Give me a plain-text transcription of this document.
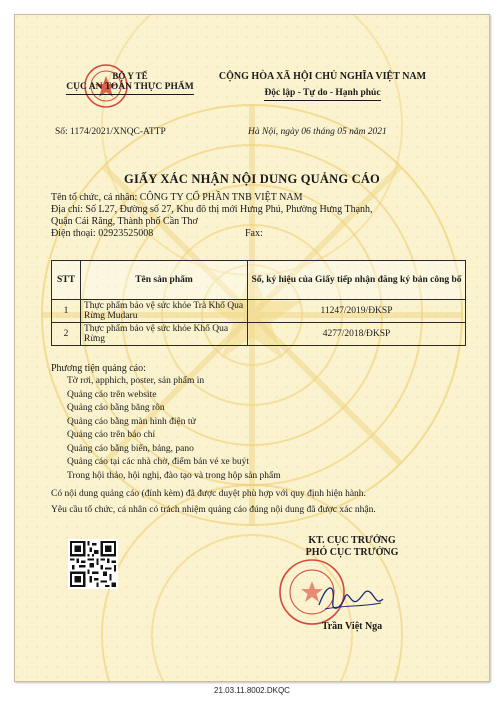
BỘ Y TẾ
CỤC AN TOÀN THỰC PHẨM
CỘNG HÒA XÃ HỘI CHỦ NGHĨA VIỆT NAM
Độc lập - Tự do - Hạnh phúc
Số: 1174/2021/XNQC-ATTP	Hà Nội, ngày 06 tháng 05 năm 2021
GIẤY XÁC NHẬN NỘI DUNG QUẢNG CÁO
Tên tổ chức, cá nhân: CÔNG TY CỔ PHẦN TNB VIỆT NAM
Địa chỉ: Số L27, Đường số 27, Khu đô thị mới Hưng Phú, Phường Hưng Thạnh,
Quận Cái Răng, Thành phố Cần Thơ
Điện thoại: 02923525008	Fax:
STT	Tên sản phẩm	Số, ký hiệu của Giấy tiếp nhận đăng ký bản công bố
1	Thực phẩm bảo vệ sức khỏe Trà Khổ Qua Rừng Mudaru	11247/2019/ĐKSP
2	Thực phẩm bảo vệ sức khỏe Khổ Qua Rừng	4277/2018/ĐKSP
Phương tiện quảng cáo:
Tờ rơi, apphich, poster, sản phẩm in
Quảng cáo trên website
Quảng cáo bằng băng rôn
Quảng cáo bằng màn hình điện tử
Quảng cáo trên báo chí
Quảng cáo bằng biển, bảng, pano
Quảng cáo tại các nhà chờ, điểm bán vé xe buýt
Trong hội thảo, hội nghị, đào tạo và trong hộp sản phẩm
Có nội dung quảng cáo (đính kèm) đã được duyệt phù hợp với quy định hiện hành.
Yêu cầu tổ chức, cá nhân có trách nhiệm quảng cáo đúng nội dung đã được xác nhận.
KT. CỤC TRƯỞNG
PHÓ CỤC TRƯỞNG
Trần Việt Nga
21.03.11.8002.DKQC
